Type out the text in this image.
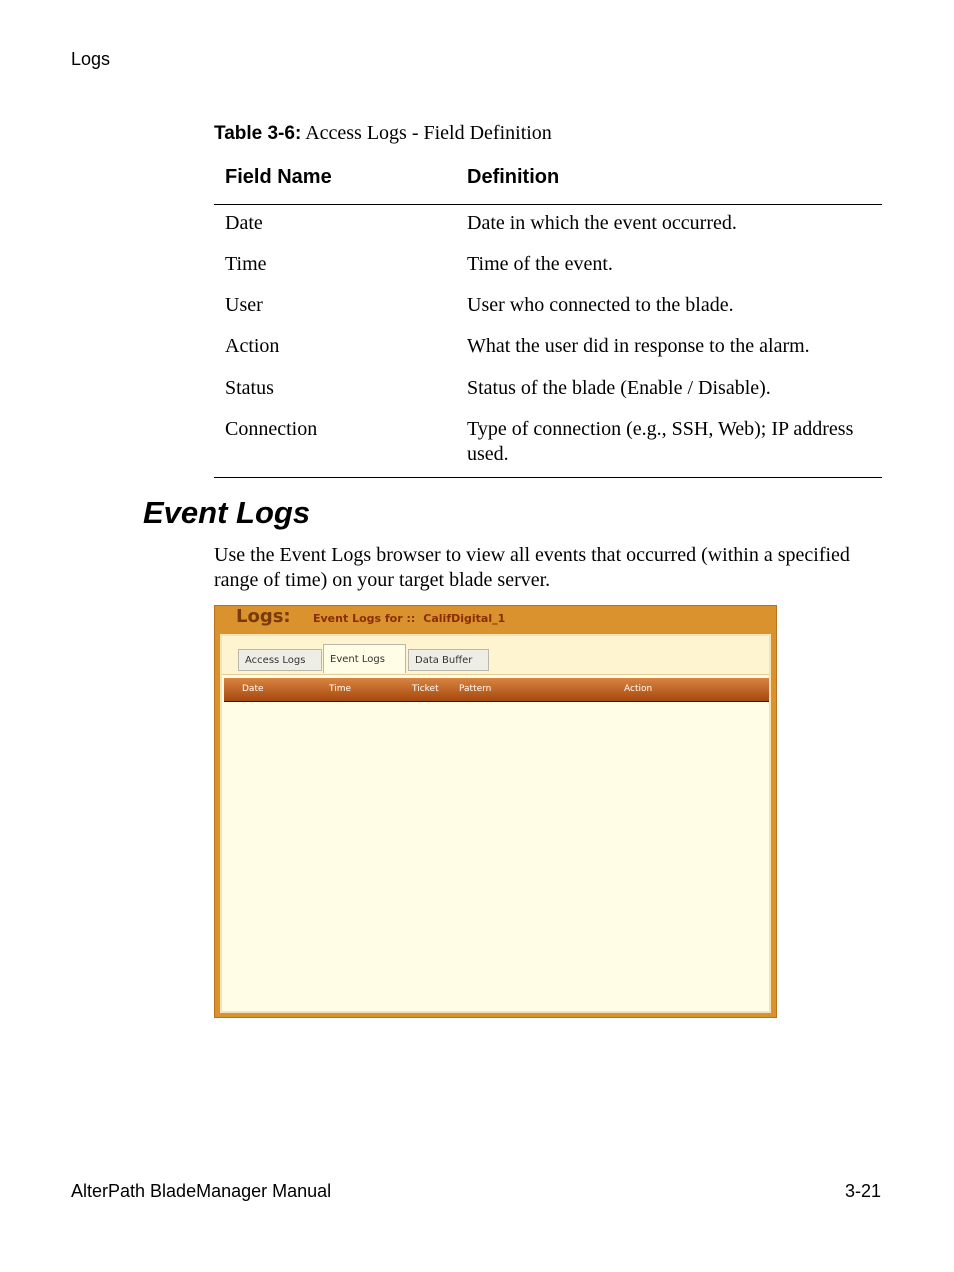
Logs
Table 3-6: Access Logs - Field Definition
Field Name	Definition
Date	Date in which the event occurred.
Time	Time of the event.
User	User who connected to the blade.
Action	What the user did in response to the alarm.
Status	Status of the blade (Enable / Disable).
Connection	Type of connection (e.g., SSH, Web); IP address used.
Event Logs
Use the Event Logs browser to view all events that occurred (within a specified range of time) on your target blade server.
Logs: Event Logs for :: CalifDigital_1
Access Logs	Event Logs	Data Buffer
Date	Time	Ticket Pattern	Action
AlterPath BladeManager Manual	3-21
